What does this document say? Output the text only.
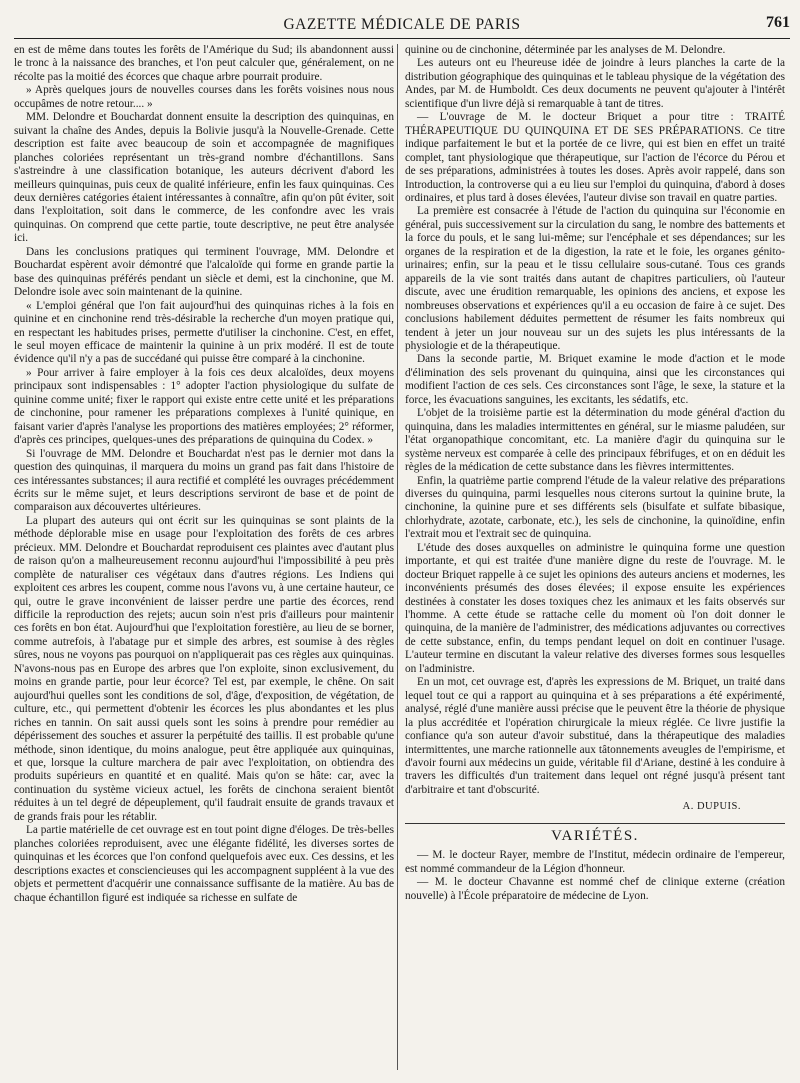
GAZETTE MÉDICALE DE PARIS	761

en est de même dans toutes les forêts de l'Amérique du Sud; ils abandonnent aussi le tronc à la naissance des branches, et l'on peut calculer que, généralement, on ne récolte pas la moitié des écorces que chaque arbre pourrait produire.

» Après quelques jours de nouvelles courses dans les forêts voisines nous nous occupâmes de notre retour.... »

MM. Delondre et Bouchardat donnent ensuite la description des quinquinas, en suivant la chaîne des Andes, depuis la Bolivie jusqu'à la Nouvelle-Grenade. Cette description est faite avec beaucoup de soin et accompagnée de magnifiques planches coloriées représentant un très-grand nombre d'échantillons. Sans s'astreindre à une classification botanique, les auteurs décrivent d'abord les meilleurs quinquinas, puis ceux de qualité inférieure, enfin les faux quinquinas. Ces deux dernières catégories étaient intéressantes à connaître, afin qu'on pût éviter, soit dans l'exploitation, soit dans le commerce, de les confondre avec les vrais quinquinas. On comprend que cette partie, toute descriptive, ne peut être analysée ici.

Dans les conclusions pratiques qui terminent l'ouvrage, MM. Delondre et Bouchardat espèrent avoir démontré que l'alcaloïde qui forme en grande partie la base des quinquinas préférés pendant un siècle et demi, est la cinchonine, que M. Delondre isole avec soin maintenant de la quinine.

« L'emploi général que l'on fait aujourd'hui des quinquinas riches à la fois en quinine et en cinchonine rend très-désirable la recherche d'un moyen pratique qui, en respectant les habitudes prises, permette d'utiliser la cinchonine. C'est, en effet, le seul moyen efficace de maintenir la quinine à un prix modéré. Il est de toute évidence qu'il n'y a pas de succédané qui puisse être comparé à la cinchonine.

» Pour arriver à faire employer à la fois ces deux alcaloïdes, deux moyens principaux sont indispensables : 1° adopter l'action physiologique du sulfate de quinine comme unité; fixer le rapport qui existe entre cette unité et les préparations de cinchonine, pour ramener les préparations complexes à l'unité quinique, en faisant varier d'après l'analyse les proportions des matières employées; 2° réformer, d'après ces principes, quelques-unes des préparations de quinquina du Codex. »

Si l'ouvrage de MM. Delondre et Bouchardat n'est pas le dernier mot dans la question des quinquinas, il marquera du moins un grand pas fait dans l'histoire de ces intéressantes substances; il aura rectifié et complété les ouvrages précédemment écrits sur le même sujet, et leurs descriptions serviront de base et de point de comparaison aux découvertes ultérieures.

La plupart des auteurs qui ont écrit sur les quinquinas se sont plaints de la méthode déplorable mise en usage pour l'exploitation des forêts de ces arbres précieux. MM. Delondre et Bouchardat reproduisent ces plaintes avec d'autant plus de raison qu'on a malheureusement reconnu aujourd'hui l'impossibilité à peu près complète de naturaliser ces végétaux dans d'autres régions. Les Indiens qui exploitent ces arbres les coupent, comme nous l'avons vu, à une certaine hauteur, ce qui, outre le grave inconvénient de laisser perdre une partie des écorces, rend difficile la reproduction des rejets; aucun soin n'est pris d'ailleurs pour maintenir ces forêts en bon état. Aujourd'hui que l'exploitation forestière, au lieu de se borner, comme autrefois, à l'abatage pur et simple des arbres, est soumise à des règles sûres, nous ne voyons pas pourquoi on n'appliquerait pas ces règles aux quinquinas. N'avons-nous pas en Europe des arbres que l'on exploite, sinon exclusivement, du moins en grande partie, pour leur écorce? Tel est, par exemple, le chêne. On sait aujourd'hui quelles sont les conditions de sol, d'âge, d'exposition, de végétation, de culture, etc., qui permettent d'obtenir les écorces les plus abondantes et les plus riches en tannin. On sait aussi quels sont les soins à prendre pour remédier au dépérissement des souches et assurer la perpétuité des taillis. Il est probable qu'une méthode, sinon identique, du moins analogue, peut être appliquée aux quinquinas, et que, lorsque la culture marchera de pair avec l'exploitation, on obtiendra des produits supérieurs en quantité et en qualité. Mais qu'on se hâte: car, avec la continuation du système vicieux actuel, les forêts de cinchona seraient bientôt réduites à un tel degré de dépeuplement, qu'il faudrait ensuite de grands travaux et de grands frais pour les rétablir.

La partie matérielle de cet ouvrage est en tout point digne d'éloges. De très-belles planches coloriées reproduisent, avec une élégante fidélité, les diverses sortes de quinquinas et les écorces que l'on confond quelquefois avec eux. Ces dessins, et les descriptions exactes et consciencieuses qui les accompagnent suppléent à la vue des objets et permettent d'acquérir une connaissance suffisante de la matière. Au bas de chaque échantillon figuré est indiquée sa richesse en sulfate de

quinine ou de cinchonine, déterminée par les analyses de M. Delondre.

Les auteurs ont eu l'heureuse idée de joindre à leurs planches la carte de la distribution géographique des quinquinas et le tableau physique de la végétation des Andes, par M. de Humboldt. Ces deux documents ne peuvent qu'ajouter à l'intérêt scientifique d'un livre déjà si remarquable à tant de titres.

— L'ouvrage de M. le docteur Briquet a pour titre : TRAITÉ THÉRAPEUTIQUE DU QUINQUINA ET DE SES PRÉPARATIONS. Ce titre indique parfaitement le but et la portée de ce livre, qui est bien en effet un traité complet, tant physiologique que thérapeutique, sur l'action de l'écorce du Pérou et de ses préparations, administrées à toutes les doses. Après avoir rappelé, dans son Introduction, la controverse qui a eu lieu sur l'emploi du quinquina, d'abord à doses ordinaires, et plus tard à doses élevées, l'auteur divise son travail en quatre parties.

La première est consacrée à l'étude de l'action du quinquina sur l'économie en général, puis successivement sur la circulation du sang, le nombre des battements et la force du pouls, et le sang lui-même; sur l'encéphale et ses dépendances; sur les organes de la respiration et de la digestion, la rate et le foie, les organes génito-urinaires; enfin, sur la peau et le tissu cellulaire sous-cutané. Tous ces grands appareils de la vie sont traités dans autant de chapitres particuliers, où l'auteur discute, avec une érudition remarquable, les opinions des anciens, et expose les nombreuses observations et expériences qu'il a eu occasion de faire à ce sujet. Des conclusions habilement déduites permettent de résumer les faits nombreux qui tendent à jeter un jour nouveau sur un des sujets les plus intéressants de la physiologie et de la thérapeutique.

Dans la seconde partie, M. Briquet examine le mode d'action et le mode d'élimination des sels provenant du quinquina, ainsi que les circonstances qui modifient l'action de ces sels. Ces circonstances sont l'âge, le sexe, la stature et la force, les évacuations sanguines, les excitants, les sédatifs, etc.

L'objet de la troisième partie est la détermination du mode général d'action du quinquina, dans les maladies intermittentes en général, sur le miasme paludéen, sur l'état organopathique concomitant, etc. La manière d'agir du quinquina sur le système nerveux est comparée à celle des principaux fébrifuges, et on en déduit les règles de la médication de cette substance dans les fièvres intermittentes.

Enfin, la quatrième partie comprend l'étude de la valeur relative des préparations diverses du quinquina, parmi lesquelles nous citerons surtout la quinine brute, la cinchonine, la quinine pure et ses différents sels (bisulfate et sulfate bibasique, chlorhydrate, azotate, carbonate, etc.), les sels de cinchonine, la quinoïdine, enfin l'extrait mou et l'extrait sec de quinquina.

L'étude des doses auxquelles on administre le quinquina forme une question importante, et qui est traitée d'une manière digne du reste de l'ouvrage. M. le docteur Briquet rappelle à ce sujet les opinions des auteurs anciens et modernes, les inconvénients présumés des doses élevées; il expose ensuite les expériences destinées à constater les doses toxiques chez les animaux et les faits observés sur l'homme. A cette étude se rattache celle du moment où l'on doit donner le quinquina, de la manière de l'administrer, des médications adjuvantes ou correctives de cette substance, enfin, du temps pendant lequel on doit en continuer l'usage. L'auteur termine en discutant la valeur relative des diverses formes sous lesquelles on l'administre.

En un mot, cet ouvrage est, d'après les expressions de M. Briquet, un traité dans lequel tout ce qui a rapport au quinquina et à ses préparations a été expérimenté, analysé, réglé d'une manière aussi précise que le peuvent être la théorie de physique la plus accréditée et l'opération chirurgicale la mieux réglée. Ce livre justifie la confiance qu'a son auteur d'avoir substitué, dans la thérapeutique des maladies intermittentes, une marche rationnelle aux tâtonnements aveugles de l'empirisme, et d'avoir fourni aux médecins un guide, véritable fil d'Ariane, destiné à les conduire à travers les difficultés d'un traitement dans lequel ont régné jusqu'à présent tant d'arbitraire et tant d'obscurité.

A. DUPUIS.
VARIÉTÉS.

— M. le docteur Rayer, membre de l'Institut, médecin ordinaire de l'empereur, est nommé commandeur de la Légion d'honneur.

— M. le docteur Chavanne est nommé chef de clinique externe (création nouvelle) à l'École préparatoire de médecine de Lyon.
